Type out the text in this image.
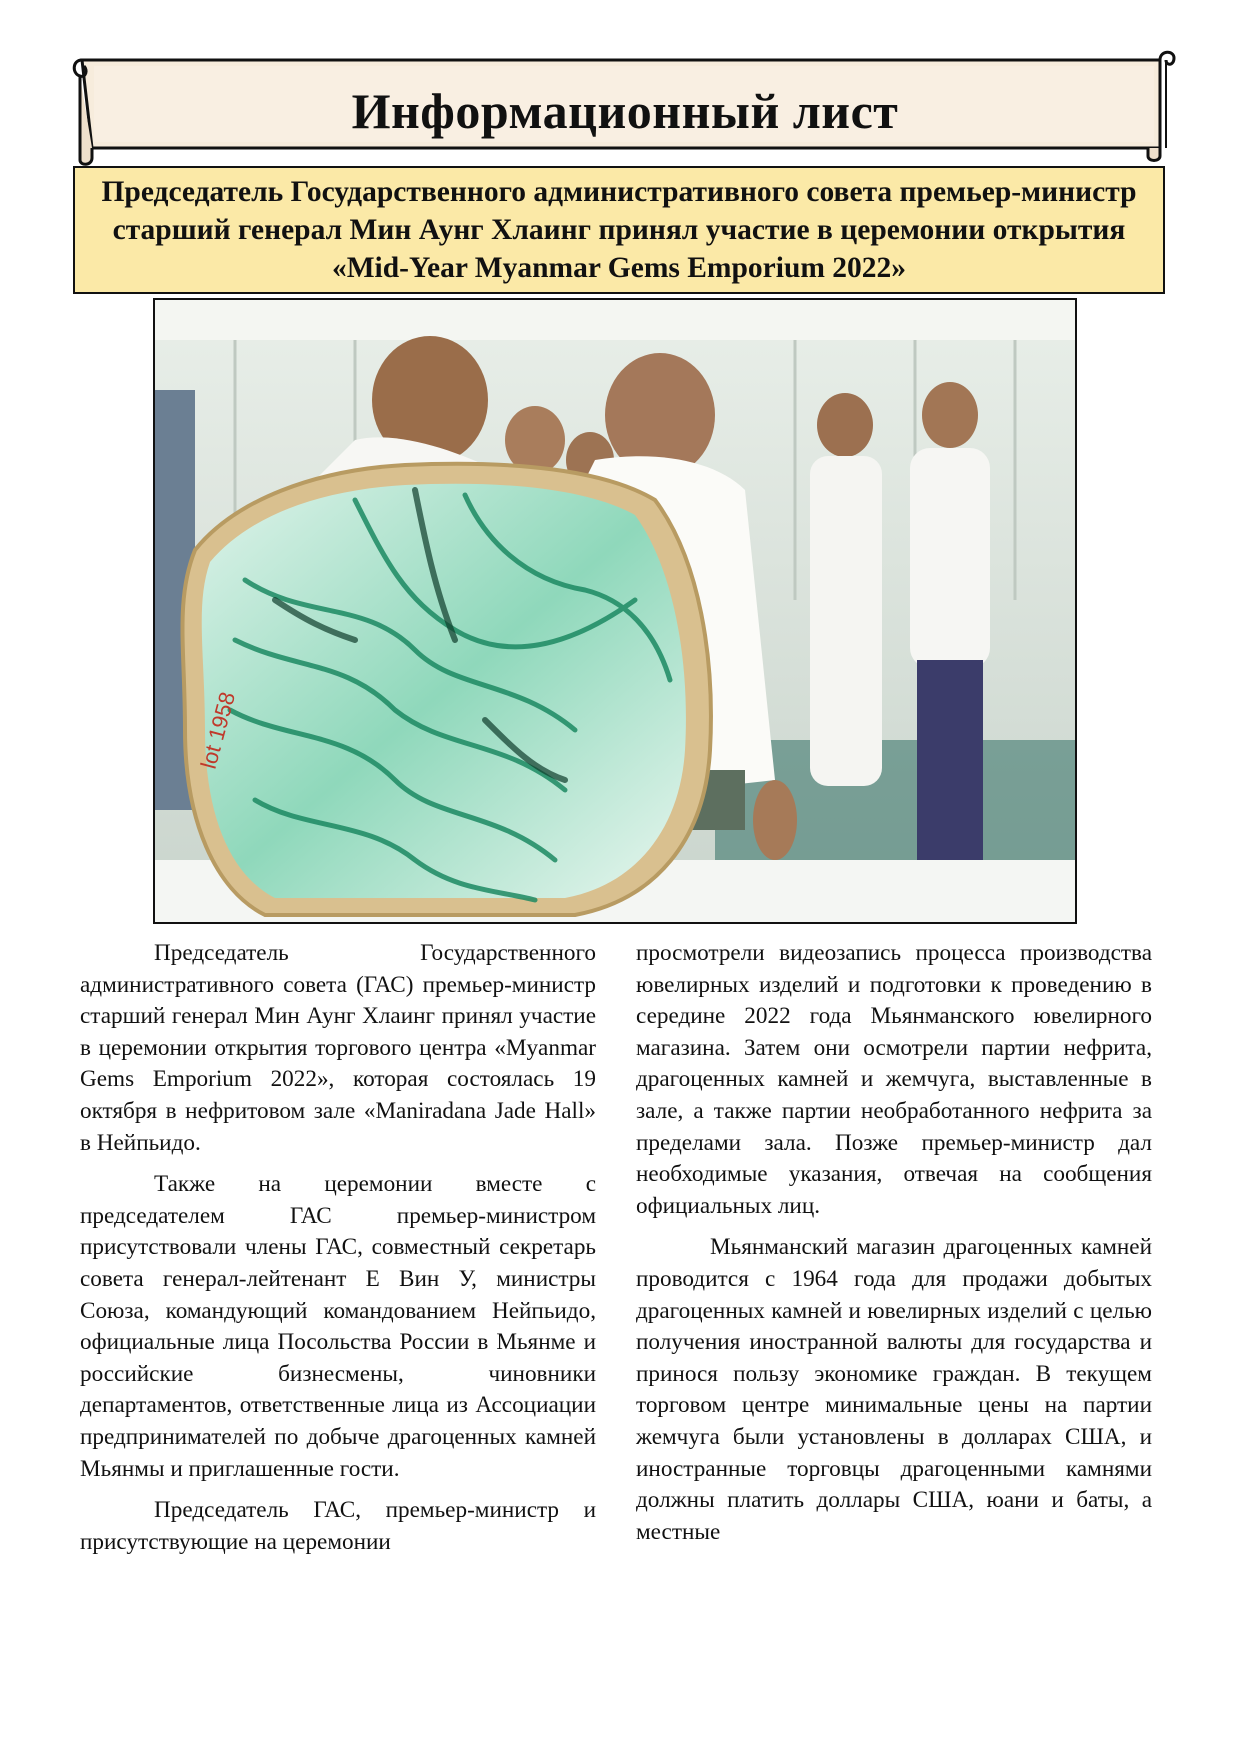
Информационный лист

Председатель Государственного административного совета премьер-министр старший генерал Мин Аунг Хлаинг принял участие в церемонии открытия «Mid-Year Myanmar Gems Emporium 2022»

lot 1958

Председатель Государственного административного совета (ГАС) премьер-министр старший генерал Мин Аунг Хлаинг принял участие в церемонии открытия торгового центра «Myanmar Gems Emporium 2022», которая состоялась 19 октября в нефритовом зале «Maniradana Jade Hall» в Нейпьидо.

Также на церемонии вместе с председателем ГАС премьер-министром присутствовали члены ГАС, совместный секретарь совета генерал-лейтенант Е Вин У, министры Союза, командующий командованием Нейпьидо, официальные лица Посольства России в Мьянме и российские бизнесмены, чиновники департаментов, ответственные лица из Ассоциации предпринимателей по добыче драгоценных камней Мьянмы и приглашенные гости.

Председатель ГАС, премьер-министр и присутствующие на церемонии

просмотрели видеозапись процесса производства ювелирных изделий и подготовки к проведению в середине 2022 года Мьянманского ювелирного магазина. Затем они осмотрели партии нефрита, драгоценных камней и жемчуга, выставленные в зале, а также партии необработанного нефрита за пределами зала. Позже премьер-министр дал необходимые указания, отвечая на сообщения официальных лиц.

Мьянманский магазин драгоценных камней проводится с 1964 года для продажи добытых драгоценных камней и ювелирных изделий с целью получения иностранной валюты для государства и принося пользу экономике граждан. В текущем торговом центре минимальные цены на партии жемчуга были установлены в долларах США, и иностранные торговцы драгоценными камнями должны платить доллары США, юани и баты, а местные
